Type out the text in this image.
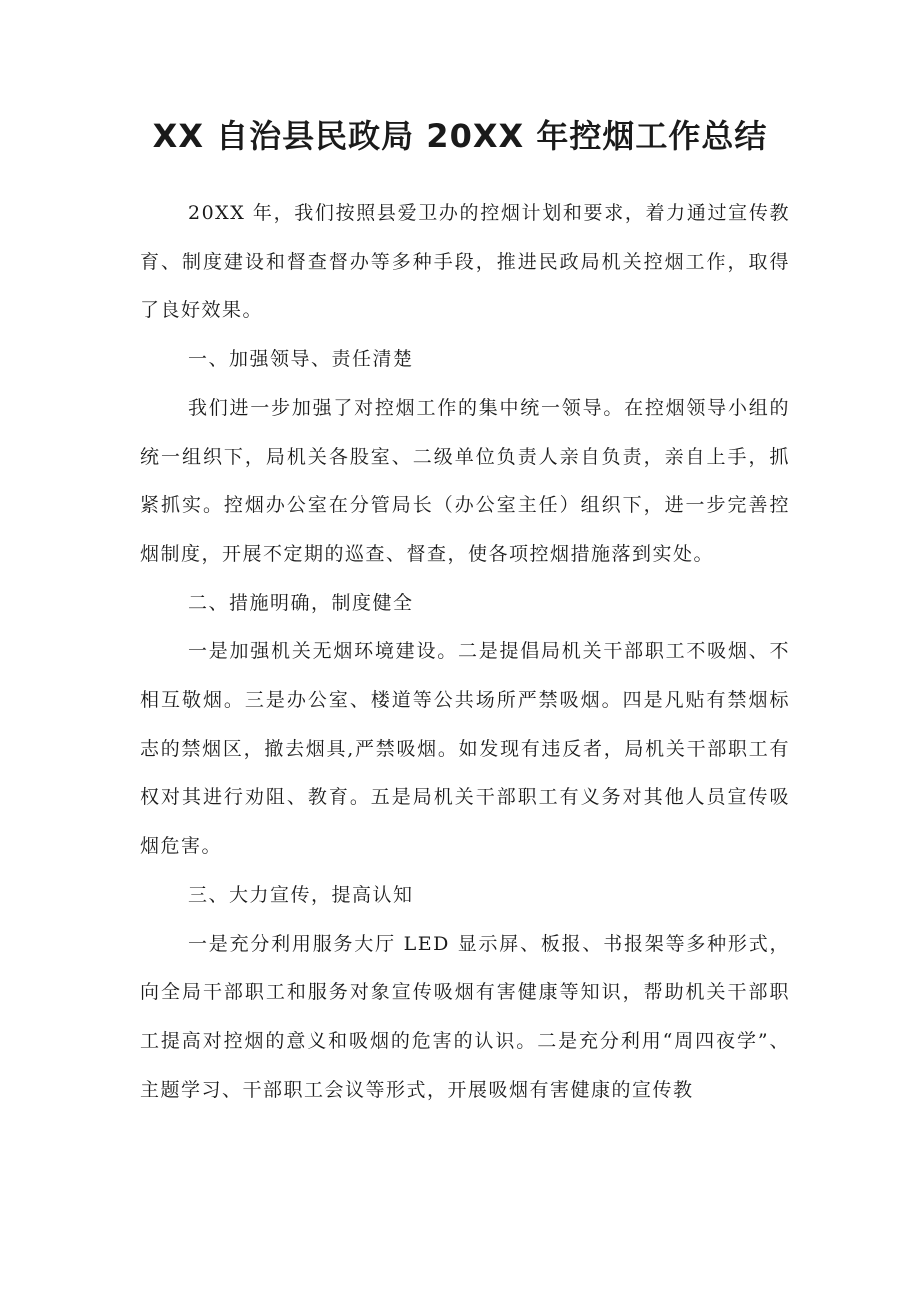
XX 自治县民政局 20XX 年控烟工作总结

20XX 年，我们按照县爱卫办的控烟计划和要求，着力通过宣传教育、制度建设和督查督办等多种手段，推进民政局机关控烟工作，取得了良好效果。

一、加强领导、责任清楚

我们进一步加强了对控烟工作的集中统一领导。在控烟领导小组的统一组织下，局机关各股室、二级单位负责人亲自负责，亲自上手，抓紧抓实。控烟办公室在分管局长（办公室主任）组织下，进一步完善控烟制度，开展不定期的巡查、督查，使各项控烟措施落到实处。

二、措施明确，制度健全

一是加强机关无烟环境建设。二是提倡局机关干部职工不吸烟、不相互敬烟。三是办公室、楼道等公共场所严禁吸烟。四是凡贴有禁烟标志的禁烟区，撤去烟具,严禁吸烟。如发现有违反者，局机关干部职工有权对其进行劝阻、教育。五是局机关干部职工有义务对其他人员宣传吸烟危害。

三、大力宣传，提高认知

一是充分利用服务大厅 LED 显示屏、板报、书报架等多种形式，向全局干部职工和服务对象宣传吸烟有害健康等知识，帮助机关干部职工提高对控烟的意义和吸烟的危害的认识。二是充分利用“周四夜学”、主题学习、干部职工会议等形式，开展吸烟有害健康的宣传教
